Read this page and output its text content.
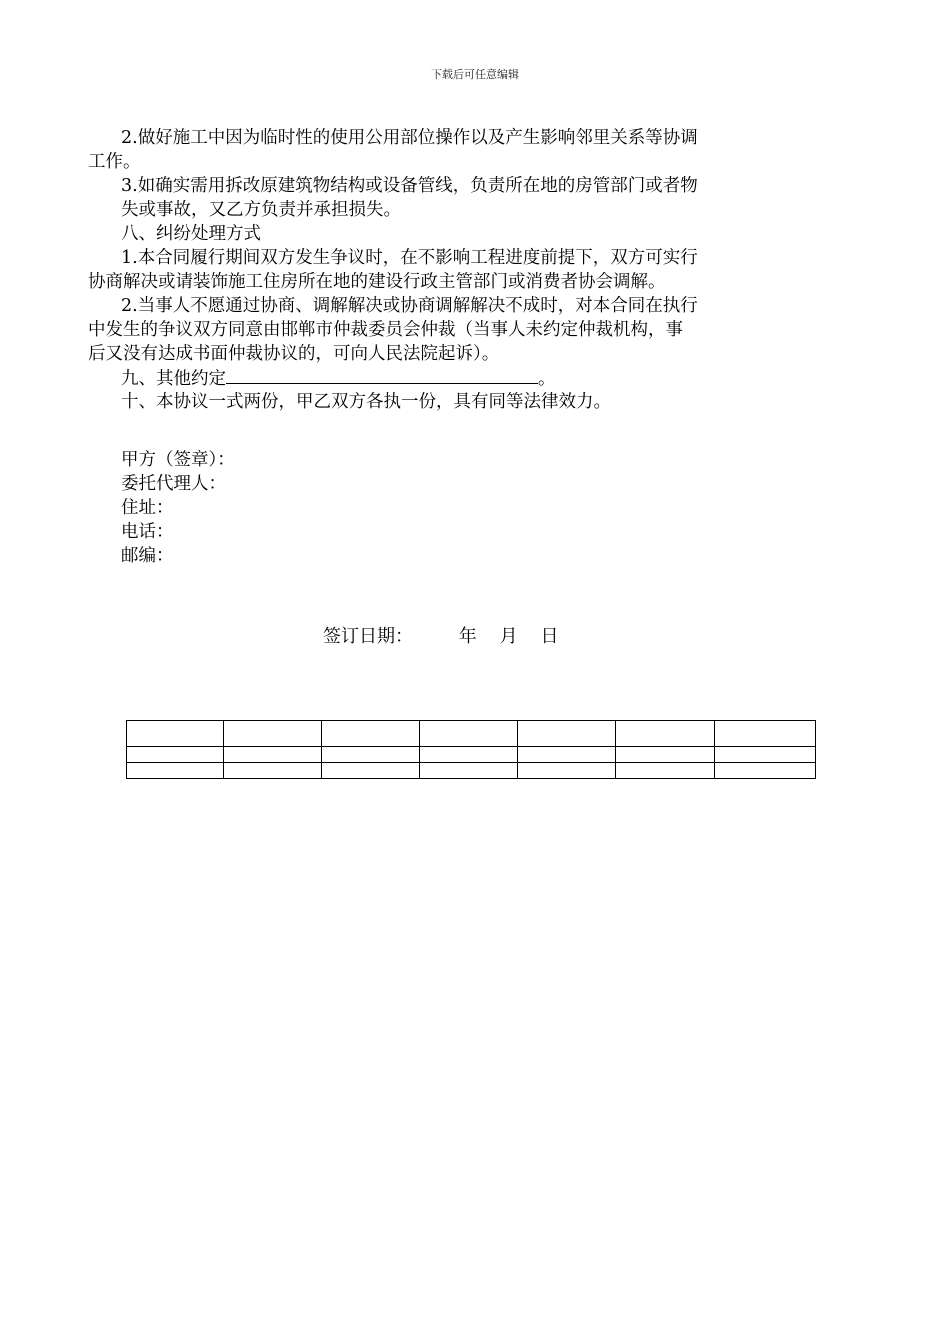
下载后可任意编辑
2.做好施工中因为临时性的使用公用部位操作以及产生影响邻里关系等协调
工作。
3.如确实需用拆改原建筑物结构或设备管线，负责所在地的房管部门或者物
失或事故，又乙方负责并承担损失。
八、纠纷处理方式
1.本合同履行期间双方发生争议时，在不影响工程进度前提下，双方可实行
协商解决或请装饰施工住房所在地的建设行政主管部门或消费者协会调解。
2.当事人不愿通过协商、调解解决或协商调解解决不成时，对本合同在执行
中发生的争议双方同意由邯郸市仲裁委员会仲裁（当事人未约定仲裁机构，事
后又没有达成书面仲裁协议的，可向人民法院起诉）。
九、其他约定	。
十、本协议一式两份，甲乙双方各执一份，具有同等法律效力。
甲方（签章）：
委托代理人：
住址：
电话：
邮编：
签订日期：        年    月    日
